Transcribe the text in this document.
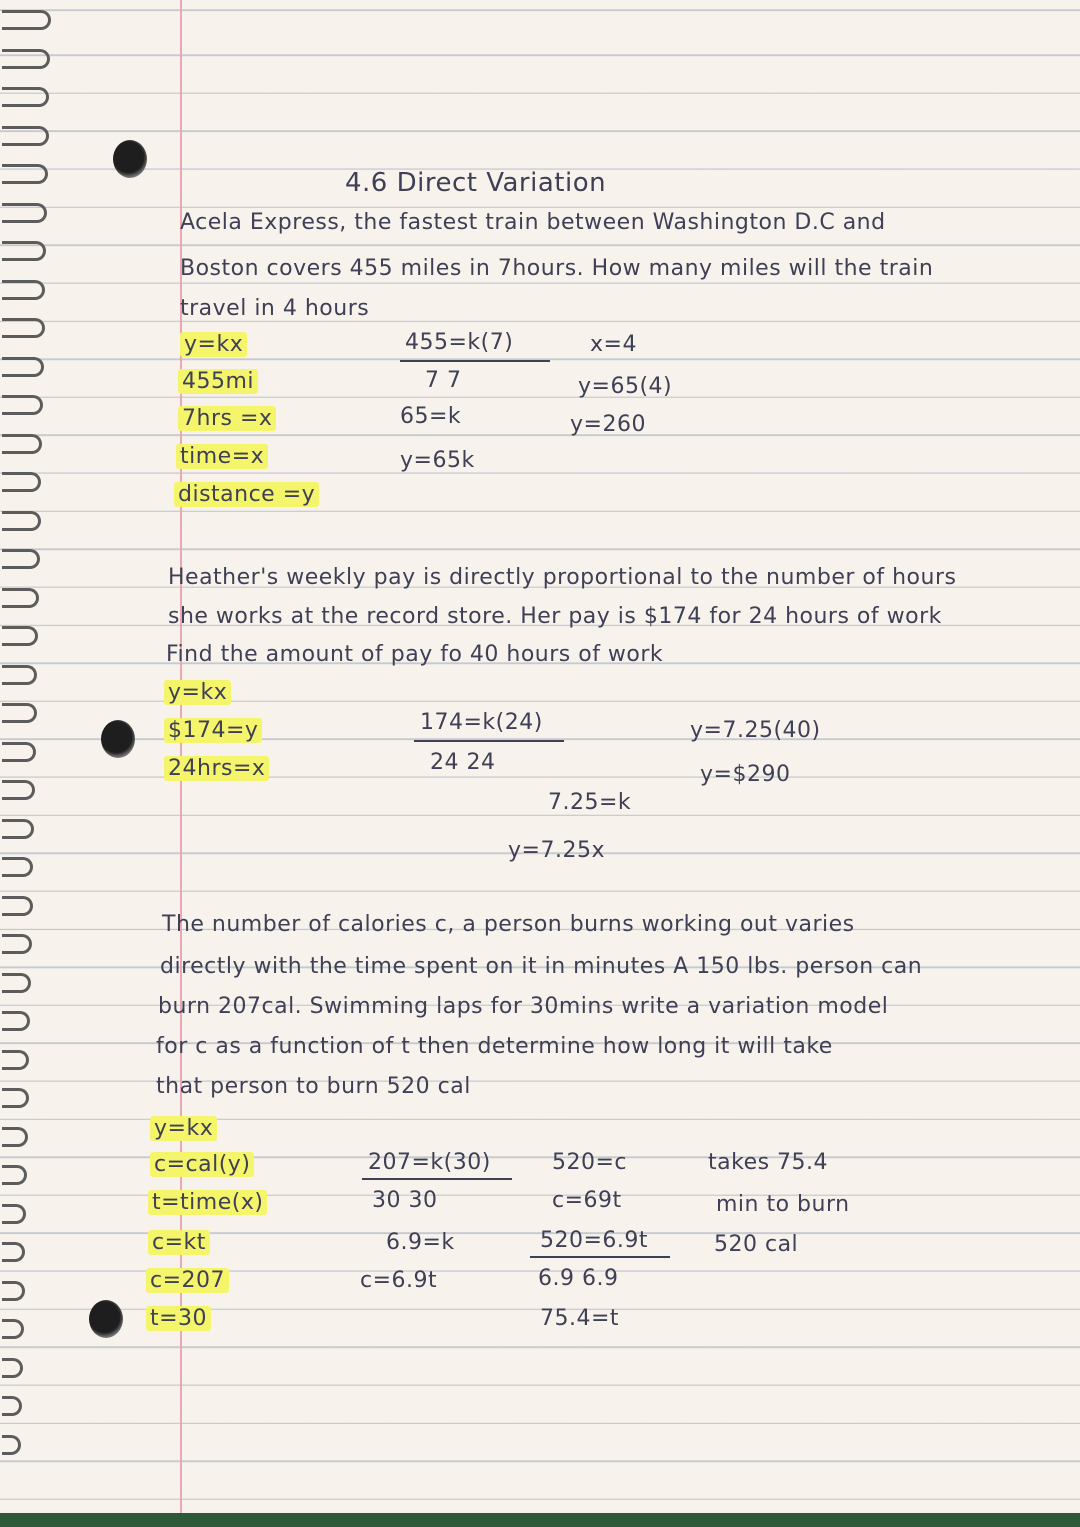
4.6 Direct Variation
Acela Express, the fastest train between Washington D.C and
Boston covers 455 miles in 7hours. How many miles will the train
travel in 4 hours
y=kx
455mi
7hrs =x
time=x
distance =y
455=k(7)
7 7
65=k
y=65k
x=4
y=65(4)
y=260
Heather's weekly pay is directly proportional to the number of hours
she works at the record store. Her pay is $174 for 24 hours of work
Find the amount of pay fo 40 hours of work
y=kx
$174=y
24hrs=x
174=k(24)
24 24
7.25=k
y=7.25x
y=7.25(40)
y=$290
The number of calories c, a person burns working out varies
directly with the time spent on it in minutes A 150 lbs. person can
burn 207cal. Swimming laps for 30mins write a variation model
for c as a function of t then determine how long it will take
that person to burn 520 cal
y=kx
c=cal(y)
t=time(x)
c=kt
c=207
t=30
207=k(30)
30 30
6.9=k
c=6.9t
520=c
c=69t
520=6.9t
6.9 6.9
75.4=t
takes 75.4
min to burn
520 cal
